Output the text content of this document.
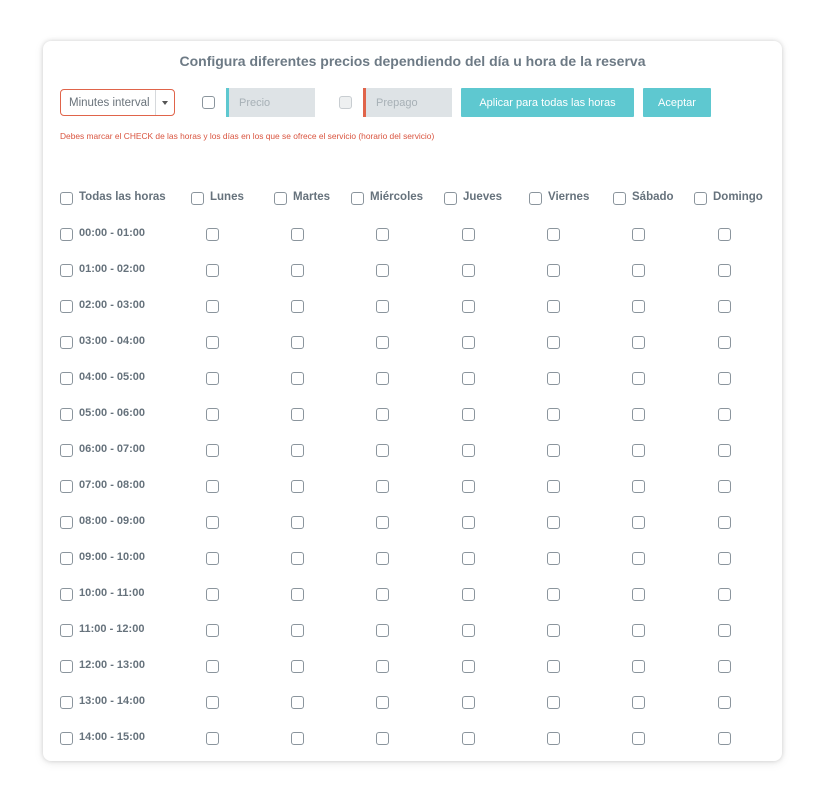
Configura diferentes precios dependiendo del día u hora de la reserva
Minutes interval	Precio	Prepago	Aplicar para todas las horas	Aceptar
Debes marcar el CHECK de las horas y los días en los que se ofrece el servicio (horario del servicio)
Todas las horas	Lunes	Martes	Miércoles	Jueves	Viernes	Sábado	Domingo
00:00 - 01:00
01:00 - 02:00
02:00 - 03:00
03:00 - 04:00
04:00 - 05:00
05:00 - 06:00
06:00 - 07:00
07:00 - 08:00
08:00 - 09:00
09:00 - 10:00
10:00 - 11:00
11:00 - 12:00
12:00 - 13:00
13:00 - 14:00
14:00 - 15:00
